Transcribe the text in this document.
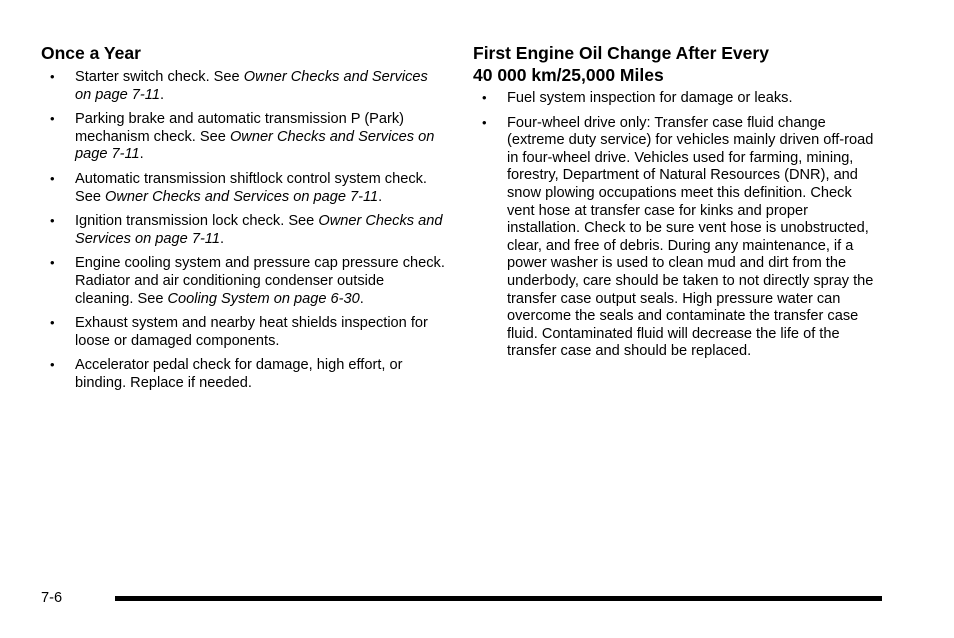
Once a Year
• Starter switch check. See Owner Checks and Services on page 7-11.
• Parking brake and automatic transmission P (Park) mechanism check. See Owner Checks and Services on page 7-11.
• Automatic transmission shiftlock control system check. See Owner Checks and Services on page 7-11.
• Ignition transmission lock check. See Owner Checks and Services on page 7-11.
• Engine cooling system and pressure cap pressure check. Radiator and air conditioning condenser outside cleaning. See Cooling System on page 6-30.
• Exhaust system and nearby heat shields inspection for loose or damaged components.
• Accelerator pedal check for damage, high effort, or binding. Replace if needed.
First Engine Oil Change After Every
40 000 km/25,000 Miles
• Fuel system inspection for damage or leaks.
• Four-wheel drive only: Transfer case fluid change (extreme duty service) for vehicles mainly driven off-road in four-wheel drive. Vehicles used for farming, mining, forestry, Department of Natural Resources (DNR), and snow plowing occupations meet this definition. Check vent hose at transfer case for kinks and proper installation. Check to be sure vent hose is unobstructed, clear, and free of debris. During any maintenance, if a power washer is used to clean mud and dirt from the underbody, care should be taken to not directly spray the transfer case output seals. High pressure water can overcome the seals and contaminate the transfer case fluid. Contaminated fluid will decrease the life of the transfer case and should be replaced.
7-6
